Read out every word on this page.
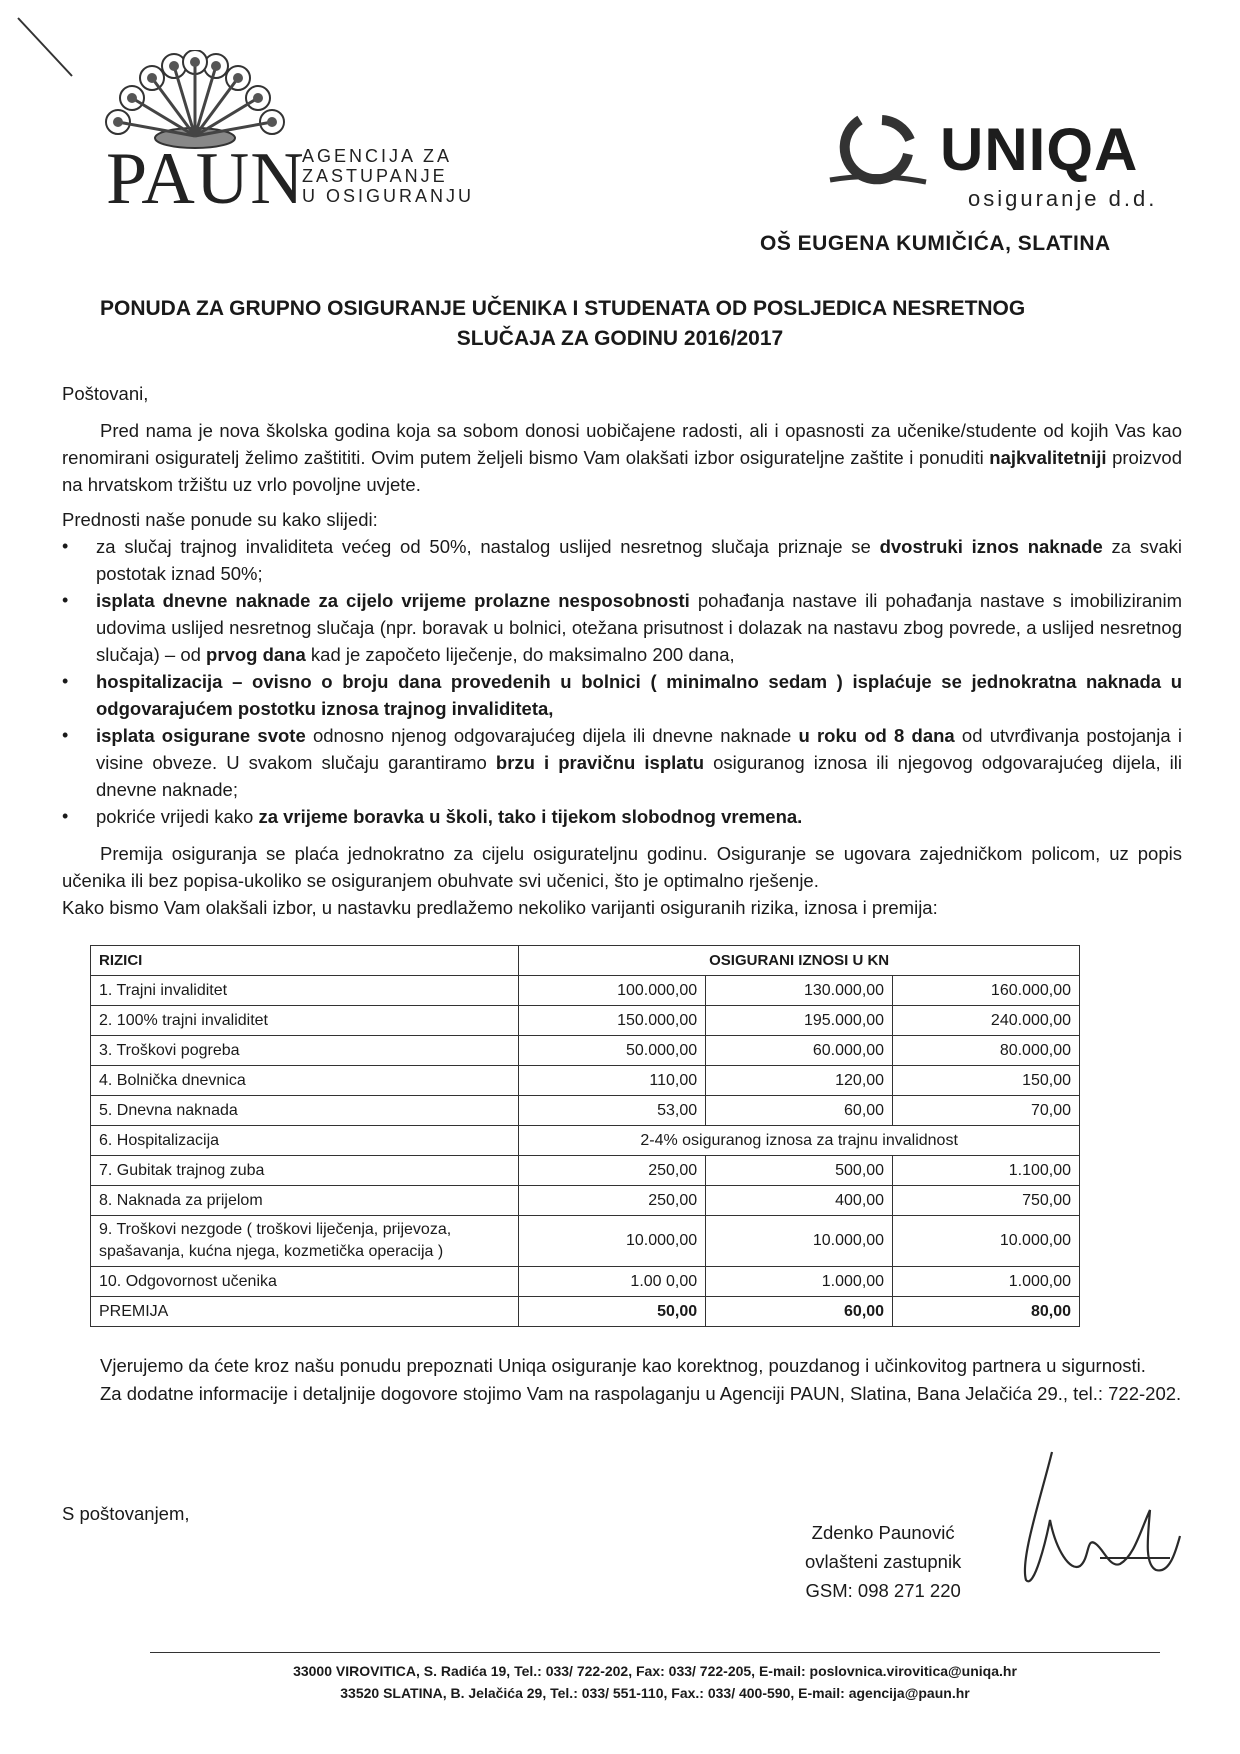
PAUN
AGENCIJA ZA
ZASTUPANJE
U OSIGURANJU
UNIQA
osiguranje d.d.
OŠ EUGENA KUMIČIĆA, SLATINA
PONUDA ZA GRUPNO OSIGURANJE UČENIKA I STUDENATA OD POSLJEDICA NESRETNOG
SLUČAJA ZA GODINU 2016/2017

Poštovani,

Pred nama je nova školska godina koja sa sobom donosi uobičajene radosti, ali i opasnosti za učenike/studente od kojih Vas kao renomirani osiguratelj želimo zaštititi. Ovim putem željeli bismo Vam olakšati izbor osigurateljne zaštite i ponuditi najkvalitetniji proizvod na hrvatskom tržištu uz vrlo povoljne uvjete.

Prednosti naše ponude su kako slijedi:

• za slučaj trajnog invaliditeta većeg od 50%, nastalog uslijed nesretnog slučaja priznaje se dvostruki iznos naknade za svaki postotak iznad 50%;
• isplata dnevne naknade za cijelo vrijeme prolazne nesposobnosti pohađanja nastave ili pohađanja nastave s imobiliziranim udovima uslijed nesretnog slučaja (npr. boravak u bolnici, otežana prisutnost i dolazak na nastavu zbog povrede, a uslijed nesretnog slučaja) – od prvog dana kad je započeto liječenje, do maksimalno 200 dana,
• hospitalizacija – ovisno o broju dana provedenih u bolnici ( minimalno sedam ) isplaćuje se jednokratna naknada u odgovarajućem postotku iznosa trajnog invaliditeta,
• isplata osigurane svote odnosno njenog odgovarajućeg dijela ili dnevne naknade u roku od 8 dana od utvrđivanja postojanja i visine obveze. U svakom slučaju garantiramo brzu i pravičnu isplatu osiguranog iznosa ili njegovog odgovarajućeg dijela, ili dnevne naknade;
• pokriće vrijedi kako za vrijeme boravka u školi, tako i tijekom slobodnog vremena.

Premija osiguranja se plaća jednokratno za cijelu osigurateljnu godinu. Osiguranje se ugovara zajedničkom policom, uz popis učenika ili bez popisa-ukoliko se osiguranjem obuhvate svi učenici, što je optimalno rješenje.

Kako bismo Vam olakšali izbor, u nastavku predlažemo nekoliko varijanti osiguranih rizika, iznosa i premija:

RIZICI	OSIGURANI IZNOSI U KN		
1. Trajni invaliditet	100.000,00	130.000,00	160.000,00
2. 100% trajni invaliditet	150.000,00	195.000,00	240.000,00
3. Troškovi pogreba	50.000,00	60.000,00	80.000,00
4. Bolnička dnevnica	110,00	120,00	150,00
5. Dnevna naknada	53,00	60,00	70,00
6. Hospitalizacija	2-4% osiguranog iznosa za trajnu invalidnost		
7. Gubitak trajnog zuba	250,00	500,00	1.100,00
8. Naknada za prijelom	250,00	400,00	750,00
9. Troškovi nezgode ( troškovi liječenja, prijevoza, spašavanja, kućna njega, kozmetička operacija )	10.000,00	10.000,00	10.000,00
10. Odgovornost učenika	1.00 0,00	1.000,00	1.000,00
PREMIJA	50,00	60,00	80,00

Vjerujemo da ćete kroz našu ponudu prepoznati Uniqa osiguranje kao korektnog, pouzdanog i učinkovitog partnera u sigurnosti.

Za dodatne informacije i detaljnije dogovore stojimo Vam na raspolaganju u Agenciji PAUN, Slatina, Bana Jelačića 29., tel.: 722-202.

S poštovanjem,
Zdenko Paunović
ovlašteni zastupnik
GSM: 098 271 220
33000 VIROVITICA, S. Radića 19, Tel.: 033/ 722-202, Fax: 033/ 722-205, E-mail: poslovnica.virovitica@uniqa.hr
33520 SLATINA, B. Jelačića 29, Tel.: 033/ 551-110, Fax.: 033/ 400-590, E-mail: agencija@paun.hr
